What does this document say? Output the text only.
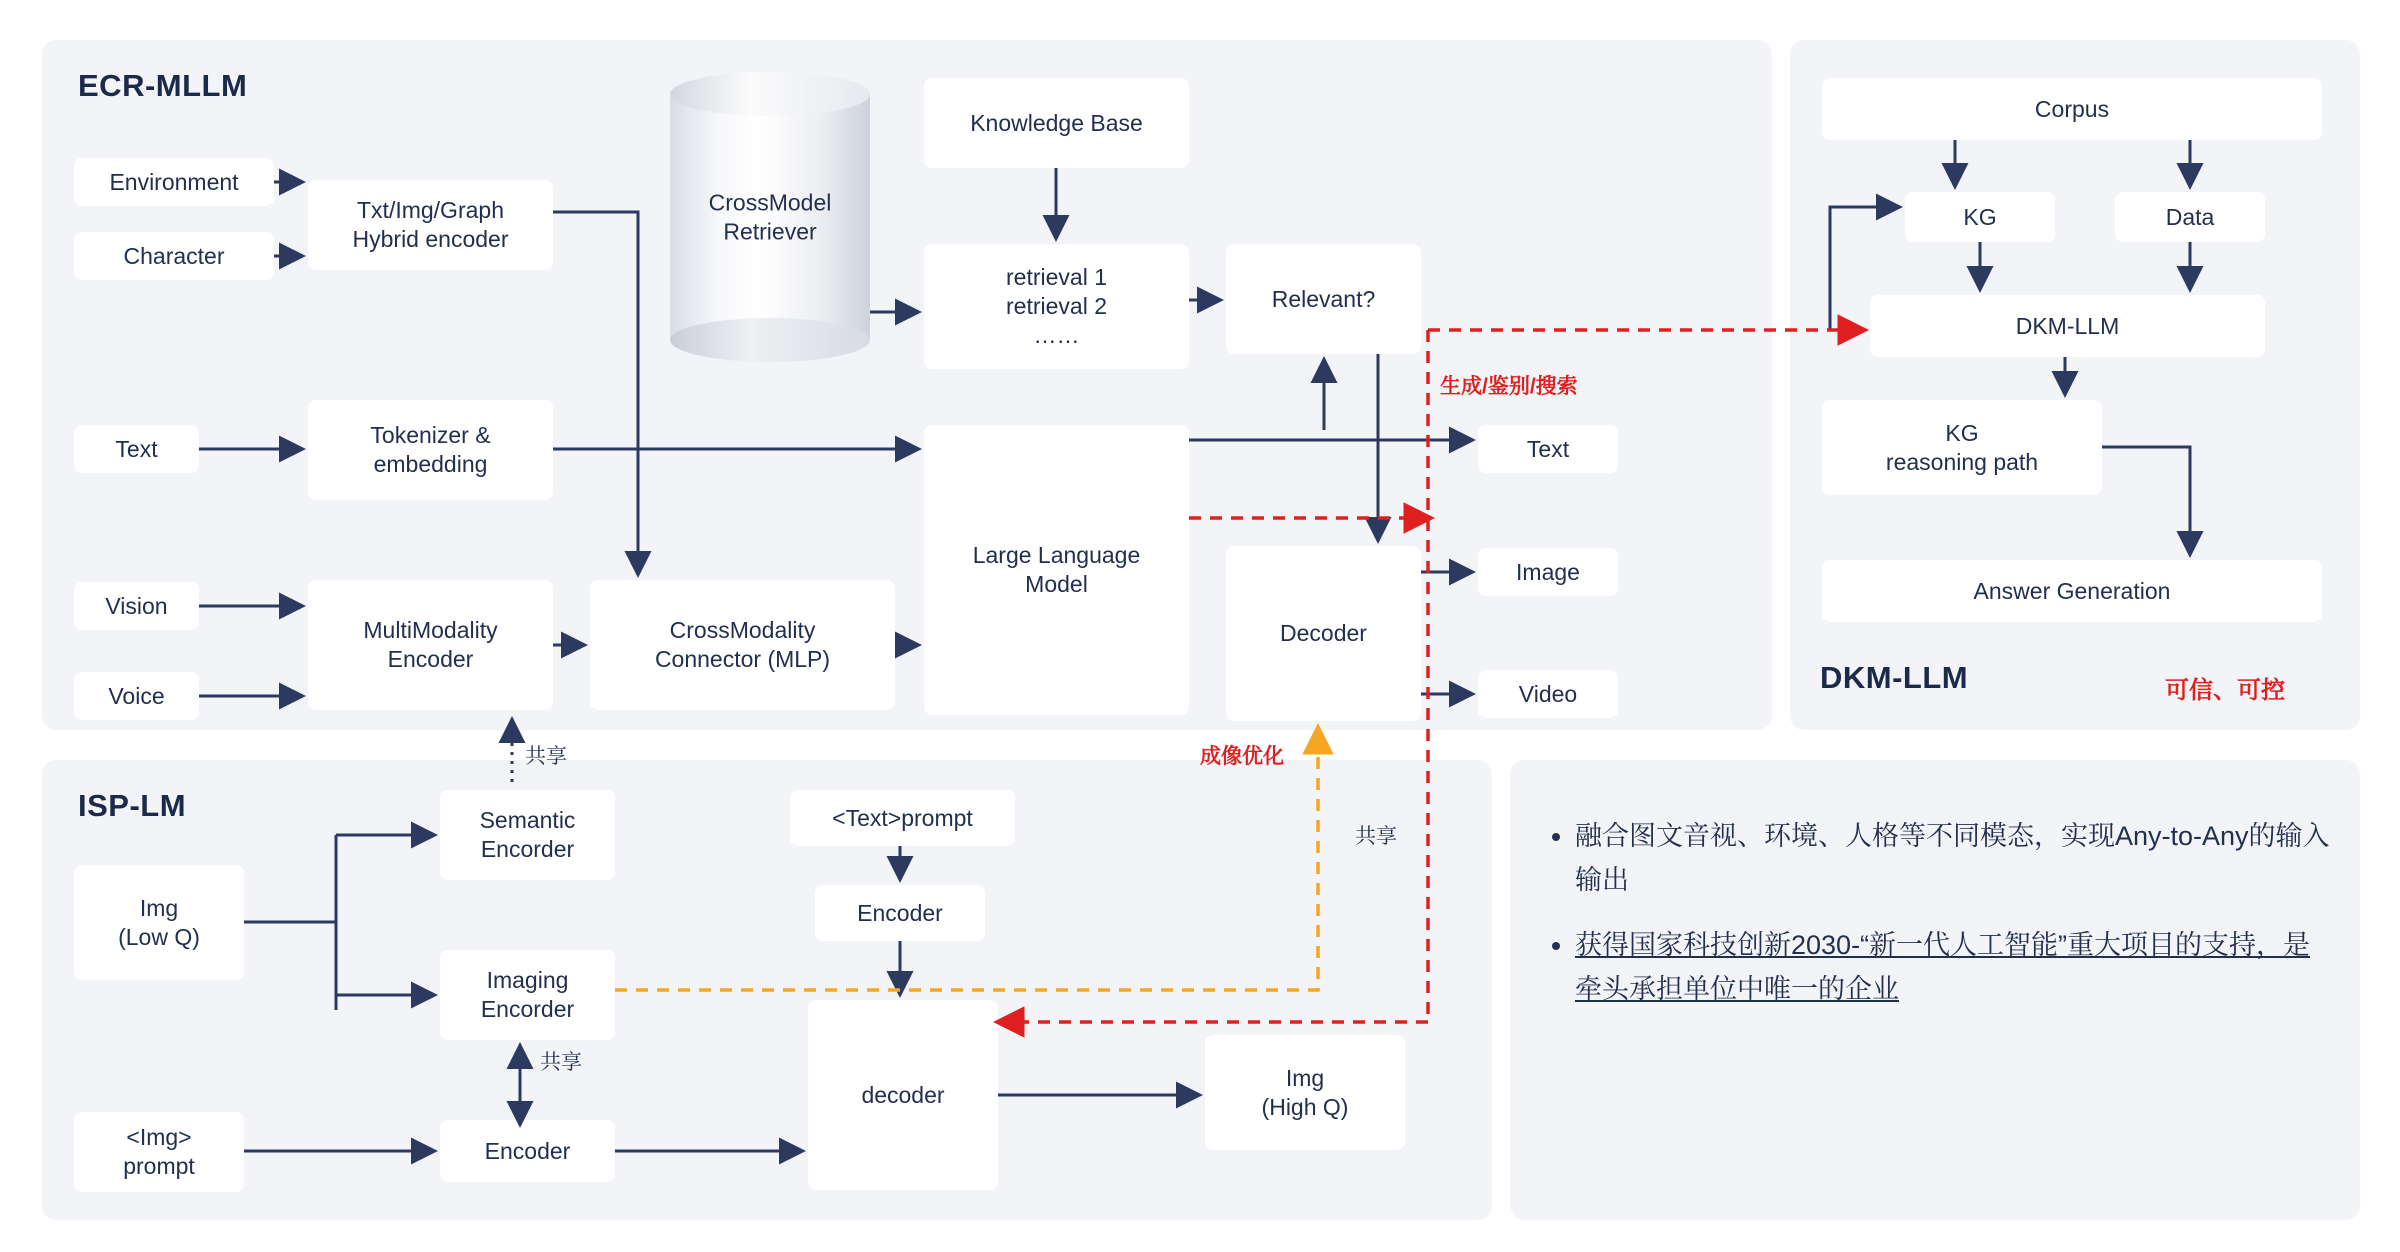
ECR-MLLM
ISP-LM
DKM-LLM	可信、可控
Environment
Character
Txt/Img/Graph
Hybrid encoder
CrossModel
Retriever
Knowledge Base
retrieval 1
retrieval 2
……
Relevant?
Text
Tokenizer &
embedding
Vision
Voice
MultiModality
Encoder
CrossModality
Connector (MLP)
Large Language
Model
Decoder
Text
Image
Video
生成/鉴别/搜索
成像优化
Img
(Low Q)
Semantic
Encorder
Imaging
Encorder
<Img>
prompt
Encoder
<Text>prompt
Encoder
decoder
Img
(High Q)
共享
共享
共享
Corpus
KG	Data
DKM-LLM
KG
reasoning path
Answer Generation
• 融合图文音视、环境、人格等不同模态，实现Any-to-Any的输入输出
• 获得国家科技创新2030-“新一代人工智能”重大项目的支持，是牵头承担单位中唯一的企业
